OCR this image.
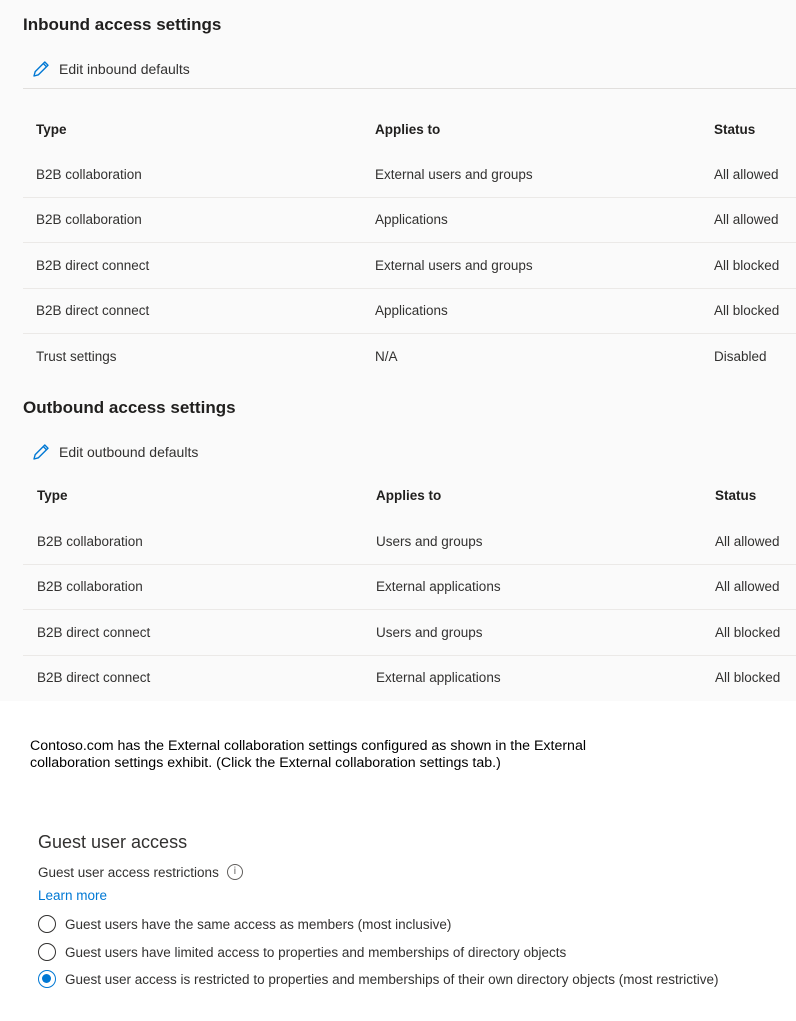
Inbound access settings
Edit inbound defaults
Type	Applies to	Status
B2B collaboration	External users and groups	All allowed
B2B collaboration	Applications	All allowed
B2B direct connect	External users and groups	All blocked
B2B direct connect	Applications	All blocked
Trust settings	N/A	Disabled
Outbound access settings
Edit outbound defaults
Type	Applies to	Status
B2B collaboration	Users and groups	All allowed
B2B collaboration	External applications	All allowed
B2B direct connect	Users and groups	All blocked
B2B direct connect	External applications	All blocked
Contoso.com has the External collaboration settings configured as shown in the External collaboration settings exhibit. (Click the External collaboration settings tab.)
Guest user access
Guest user access restrictions	i
Learn more
Guest users have the same access as members (most inclusive)
Guest users have limited access to properties and memberships of directory objects
Guest user access is restricted to properties and memberships of their own directory objects (most restrictive)
